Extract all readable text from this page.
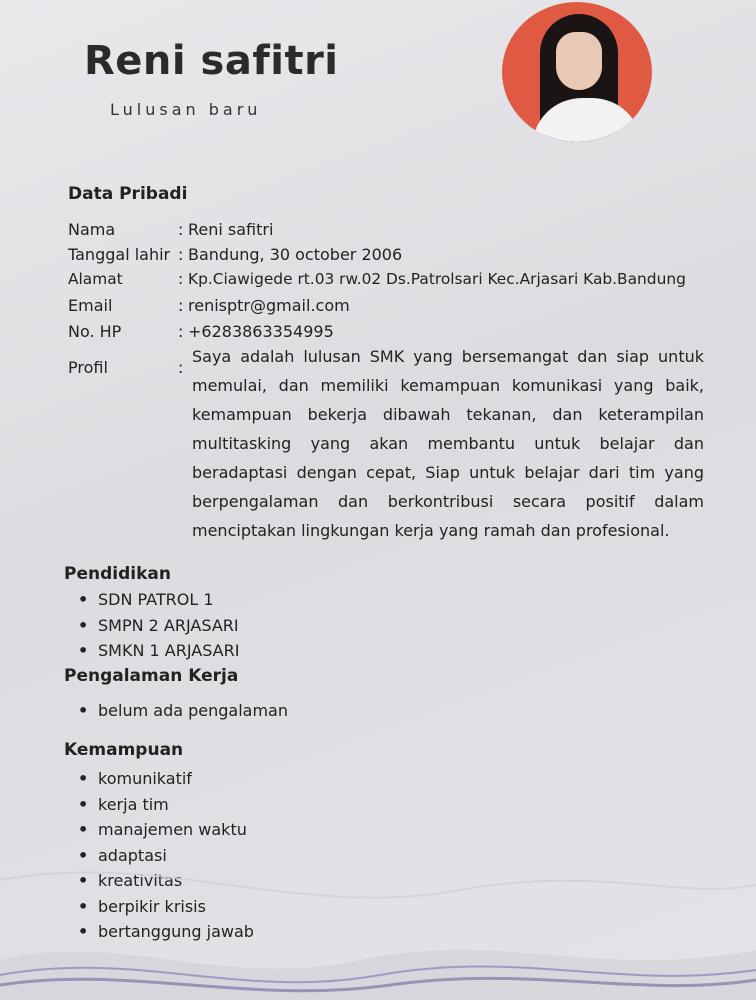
Reni safitri
Lulusan baru
Data Pribadi
Nama	: Reni safitri
Tanggal lahir : Bandung, 30 october 2006
Alamat	: Kp.Ciawigede rt.03 rw.02 Ds.Patrolsari Kec.Arjasari Kab.Bandung
Email	: renisptr@gmail.com
No. HP	: +6283863354995
Profil	:
Saya adalah lulusan SMK yang bersemangat dan siap untuk memulai, dan memiliki kemampuan komunikasi yang baik, kemampuan bekerja dibawah tekanan, dan keterampilan multitasking yang akan membantu untuk belajar dan beradaptasi dengan cepat, Siap untuk belajar dari tim yang berpengalaman dan berkontribusi secara positif dalam menciptakan lingkungan kerja yang ramah dan profesional.
Pendidikan
• SDN PATROL 1
• SMPN 2 ARJASARI
• SMKN 1 ARJASARI
Pengalaman Kerja
• belum ada pengalaman
Kemampuan
• komunikatif
• kerja tim
• manajemen waktu
• adaptasi
• kreativitas
• berpikir krisis
• bertanggung jawab
